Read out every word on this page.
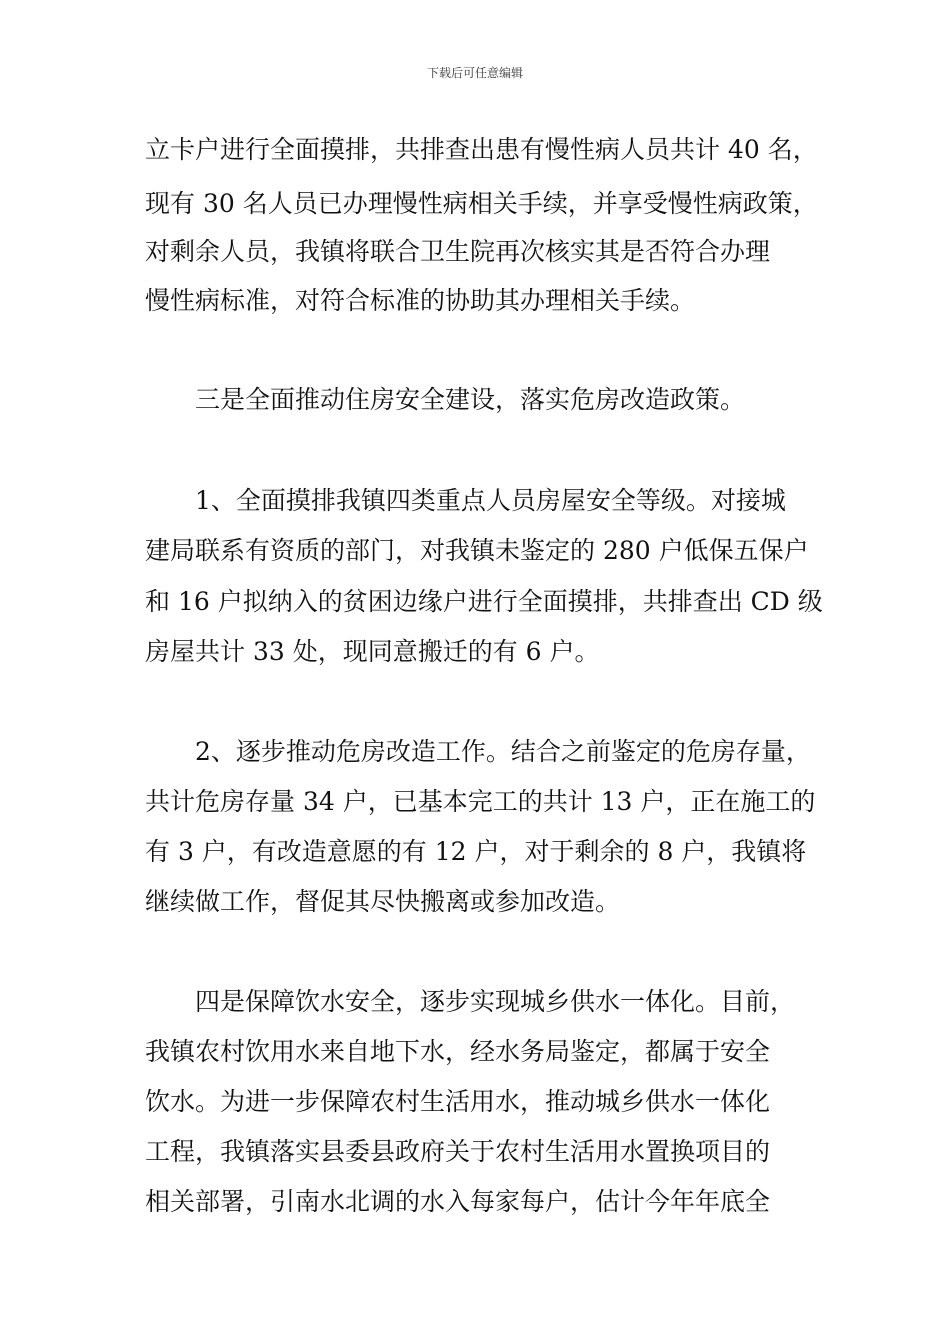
下载后可任意编辑
立卡户进行全面摸排，共排查出患有慢性病人员共计 40 名，
现有 30 名人员已办理慢性病相关手续，并享受慢性病政策，
对剩余人员，我镇将联合卫生院再次核实其是否符合办理
慢性病标准，对符合标准的协助其办理相关手续。
三是全面推动住房安全建设，落实危房改造政策。
1、全面摸排我镇四类重点人员房屋安全等级。对接城
建局联系有资质的部门，对我镇未鉴定的 280 户低保五保户
和 16 户拟纳入的贫困边缘户进行全面摸排，共排查出 CD 级
房屋共计 33 处，现同意搬迁的有 6 户。
2、逐步推动危房改造工作。结合之前鉴定的危房存量，
共计危房存量 34 户，已基本完工的共计 13 户，正在施工的
有 3 户，有改造意愿的有 12 户，对于剩余的 8 户，我镇将
继续做工作，督促其尽快搬离或参加改造。
四是保障饮水安全，逐步实现城乡供水一体化。目前，
我镇农村饮用水来自地下水，经水务局鉴定，都属于安全
饮水。为进一步保障农村生活用水，推动城乡供水一体化
工程，我镇落实县委县政府关于农村生活用水置换项目的
相关部署，引南水北调的水入每家每户，估计今年年底全
